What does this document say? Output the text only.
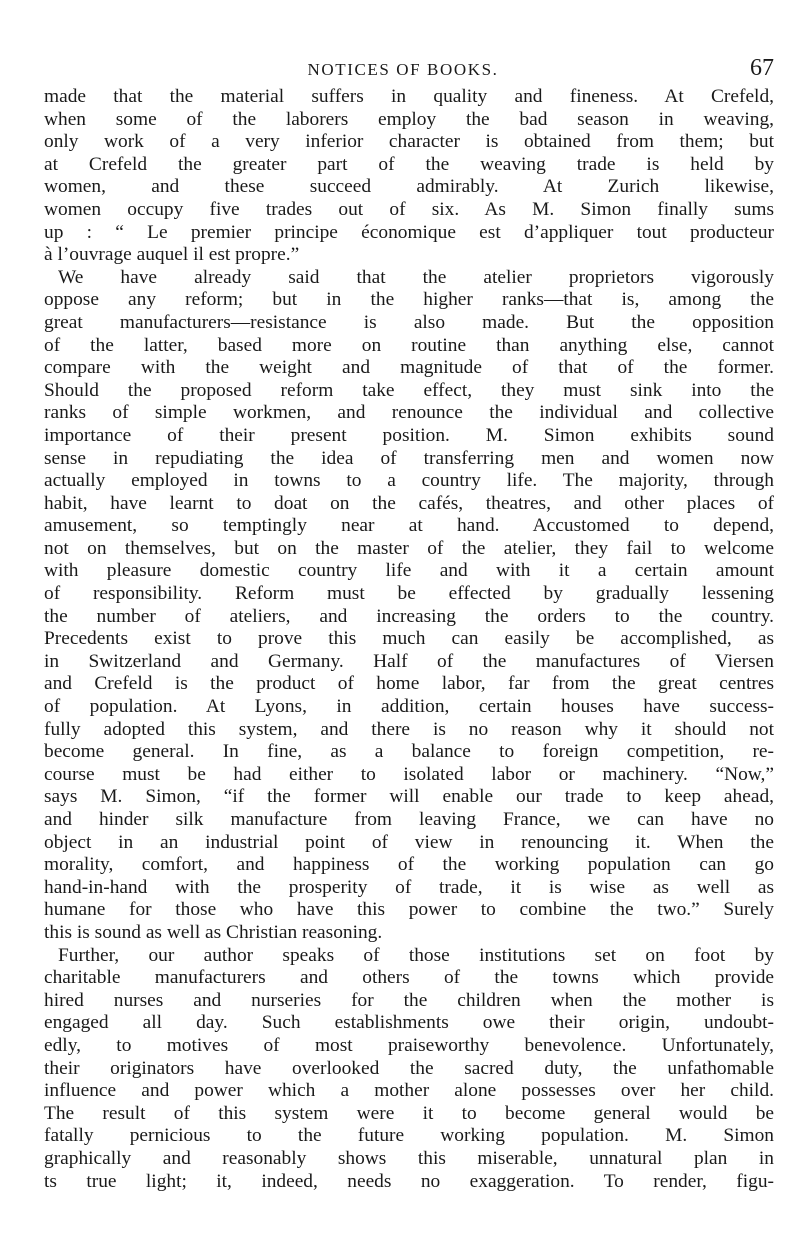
NOTICES OF BOOKS.	67
made that the material suffers in quality and fineness. At Crefeld,
when some of the laborers employ the bad season in weaving,
only work of a very inferior character is obtained from them; but
at Crefeld the greater part of the weaving trade is held by
women, and these succeed admirably. At Zurich likewise,
women occupy five trades out of six. As M. Simon finally sums
up : “ Le premier principe économique est d’appliquer tout producteur
à l’ouvrage auquel il est propre.”
We have already said that the atelier proprietors vigorously
oppose any reform; but in the higher ranks—that is, among the
great manufacturers—resistance is also made. But the opposition
of the latter, based more on routine than anything else, cannot
compare with the weight and magnitude of that of the former.
Should the proposed reform take effect, they must sink into the
ranks of simple workmen, and renounce the individual and collective
importance of their present position. M. Simon exhibits sound
sense in repudiating the idea of transferring men and women now
actually employed in towns to a country life. The majority, through
habit, have learnt to doat on the cafés, theatres, and other places of
amusement, so temptingly near at hand. Accustomed to depend,
not on themselves, but on the master of the atelier, they fail to welcome
with pleasure domestic country life and with it a certain amount
of responsibility. Reform must be effected by gradually lessening
the number of ateliers, and increasing the orders to the country.
Precedents exist to prove this much can easily be accomplished, as
in Switzerland and Germany. Half of the manufactures of Viersen
and Crefeld is the product of home labor, far from the great centres
of population. At Lyons, in addition, certain houses have success-
fully adopted this system, and there is no reason why it should not
become general. In fine, as a balance to foreign competition, re-
course must be had either to isolated labor or machinery. “Now,”
says M. Simon, “if the former will enable our trade to keep ahead,
and hinder silk manufacture from leaving France, we can have no
object in an industrial point of view in renouncing it. When the
morality, comfort, and happiness of the working population can go
hand-in-hand with the prosperity of trade, it is wise as well as
humane for those who have this power to combine the two.” Surely
this is sound as well as Christian reasoning.
Further, our author speaks of those institutions set on foot by
charitable manufacturers and others of the towns which provide
hired nurses and nurseries for the children when the mother is
engaged all day. Such establishments owe their origin, undoubt-
edly, to motives of most praiseworthy benevolence. Unfortunately,
their originators have overlooked the sacred duty, the unfathomable
influence and power which a mother alone possesses over her child.
The result of this system were it to become general would be
fatally pernicious to the future working population. M. Simon
graphically and reasonably shows this miserable, unnatural plan in
ts true light; it, indeed, needs no exaggeration. To render, figu-
